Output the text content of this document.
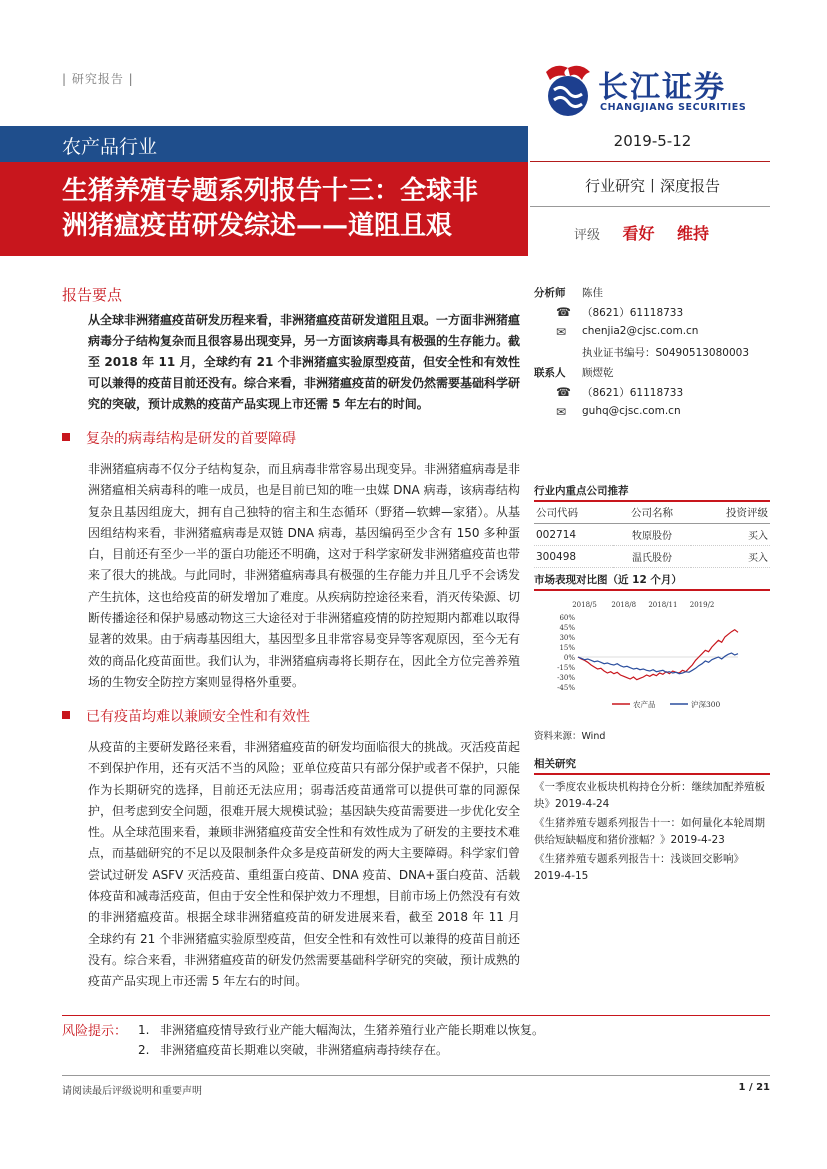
| 研究报告 |	长江证券
CHANGJIANG SECURITIES
农产品行业
生猪养殖专题系列报告十三：全球非
洲猪瘟疫苗研发综述——道阻且艰
2019-5-12
行业研究丨深度报告
评级 看好 维持
报告要点
从全球非洲猪瘟疫苗研发历程来看，非洲猪瘟疫苗研发道阻且艰。一方面非洲猪瘟病毒分子结构复杂而且很容易出现变异，另一方面该病毒具有极强的生存能力。截至 2018 年 11 月，全球约有 21 个非洲猪瘟实验原型疫苗，但安全性和有效性可以兼得的疫苗目前还没有。综合来看，非洲猪瘟疫苗的研发仍然需要基础科学研究的突破，预计成熟的疫苗产品实现上市还需 5 年左右的时间。
复杂的病毒结构是研发的首要障碍
非洲猪瘟病毒不仅分子结构复杂，而且病毒非常容易出现变异。非洲猪瘟病毒是非洲猪瘟相关病毒科的唯一成员，也是目前已知的唯一虫媒 DNA 病毒，该病毒结构复杂且基因组庞大，拥有自己独特的宿主和生态循环（野猪—软蜱—家猪）。从基因组结构来看，非洲猪瘟病毒是双链 DNA 病毒，基因编码至少含有 150 多种蛋白，目前还有至少一半的蛋白功能还不明确，这对于科学家研发非洲猪瘟疫苗也带来了很大的挑战。与此同时，非洲猪瘟病毒具有极强的生存能力并且几乎不会诱发产生抗体，这也给疫苗的研发增加了难度。从疾病防控途径来看，消灭传染源、切断传播途径和保护易感动物这三大途径对于非洲猪瘟疫情的防控短期内都难以取得显著的效果。由于病毒基因组大，基因型多且非常容易变异等客观原因，至今无有效的商品化疫苗面世。我们认为，非洲猪瘟病毒将长期存在，因此全方位完善养殖场的生物安全防控方案则显得格外重要。
已有疫苗均难以兼顾安全性和有效性
从疫苗的主要研发路径来看，非洲猪瘟疫苗的研发均面临很大的挑战。灭活疫苗起不到保护作用，还有灭活不当的风险；亚单位疫苗只有部分保护或者不保护，只能作为长期研究的选择，目前还无法应用；弱毒活疫苗通常可以提供可靠的同源保护，但考虑到安全问题，很难开展大规模试验；基因缺失疫苗需要进一步优化安全性。从全球范围来看，兼顾非洲猪瘟疫苗安全性和有效性成为了研发的主要技术难点，而基础研究的不足以及限制条件众多是疫苗研发的两大主要障碍。科学家们曾尝试过研发 ASFV 灭活疫苗、重组蛋白疫苗、DNA 疫苗、DNA+蛋白疫苗、活载体疫苗和减毒活疫苗，但由于安全性和保护效力不理想，目前市场上仍然没有有效的非洲猪瘟疫苗。根据全球非洲猪瘟疫苗的研发进展来看，截至 2018 年 11 月全球约有 21 个非洲猪瘟实验原型疫苗，但安全性和有效性可以兼得的疫苗目前还没有。综合来看，非洲猪瘟疫苗的研发仍然需要基础科学研究的突破，预计成熟的疫苗产品实现上市还需 5 年左右的时间。
分析师 陈佳
☎ （8621）61118733
✉ chenjia2@cjsc.com.cn
执业证书编号：S0490513080003
联系人 顾熤乾
☎ （8621）61118733
✉ guhq@cjsc.com.cn
行业内重点公司推荐
公司代码	公司名称	投资评级
002714	牧原股份	买入
300498	温氏股份	买入
市场表现对比图（近 12 个月）
60%
45%
30%
15%
0%
-15%
-30%
-45%
2018/5 2018/8 2018/11 2019/2
农产品	沪深300
资料来源：Wind
相关研究
《一季度农业板块机构持仓分析：继续加配养殖板块》2019-4-24
《生猪养殖专题系列报告十一：如何量化本轮周期供给短缺幅度和猪价涨幅？》2019-4-23
《生猪养殖专题系列报告十：浅谈回交影响》2019-4-15
风险提示： 1. 非洲猪瘟疫情导致行业产能大幅淘汰，生猪养殖行业产能长期难以恢复。
2. 非洲猪瘟疫苗长期难以突破，非洲猪瘟病毒持续存在。
请阅读最后评级说明和重要声明	1 / 21
